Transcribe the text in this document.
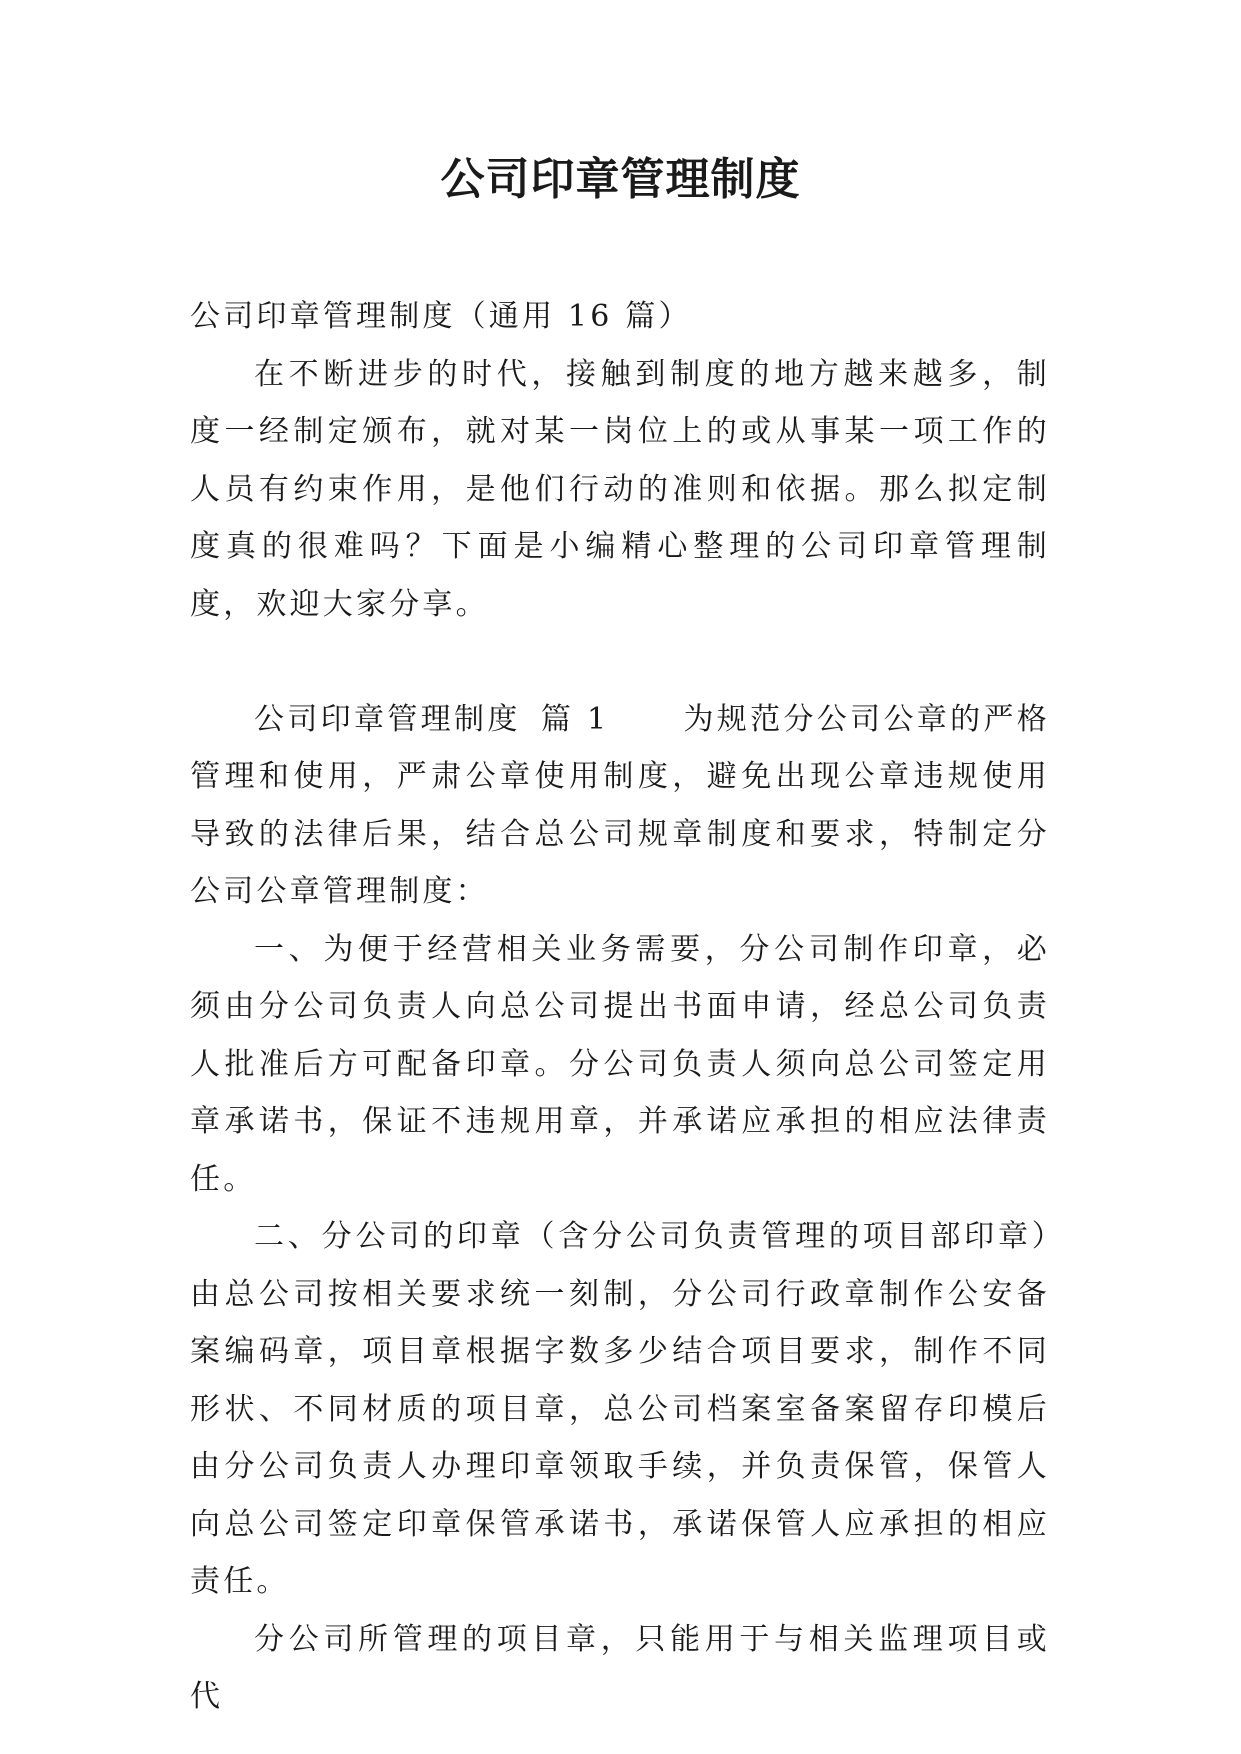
公司印章管理制度

公司印章管理制度（通用 16 篇）

在不断进步的时代，接触到制度的地方越来越多，制度一经制定颁布，就对某一岗位上的或从事某一项工作的人员有约束作用，是他们行动的准则和依据。那么拟定制度真的很难吗？下面是小编精心整理的公司印章管理制度，欢迎大家分享。

公司印章管理制度 篇 1 为规范分公司公章的严格管理和使用，严肃公章使用制度，避免出现公章违规使用导致的法律后果，结合总公司规章制度和要求，特制定分公司公章管理制度：

一、为便于经营相关业务需要，分公司制作印章，必须由分公司负责人向总公司提出书面申请，经总公司负责人批准后方可配备印章。分公司负责人须向总公司签定用章承诺书，保证不违规用章，并承诺应承担的相应法律责任。

二、分公司的印章（含分公司负责管理的项目部印章）由总公司按相关要求统一刻制，分公司行政章制作公安备案编码章，项目章根据字数多少结合项目要求，制作不同形状、不同材质的项目章，总公司档案室备案留存印模后由分公司负责人办理印章领取手续，并负责保管，保管人向总公司签定印章保管承诺书，承诺保管人应承担的相应责任。

分公司所管理的项目章，只能用于与相关监理项目或代
